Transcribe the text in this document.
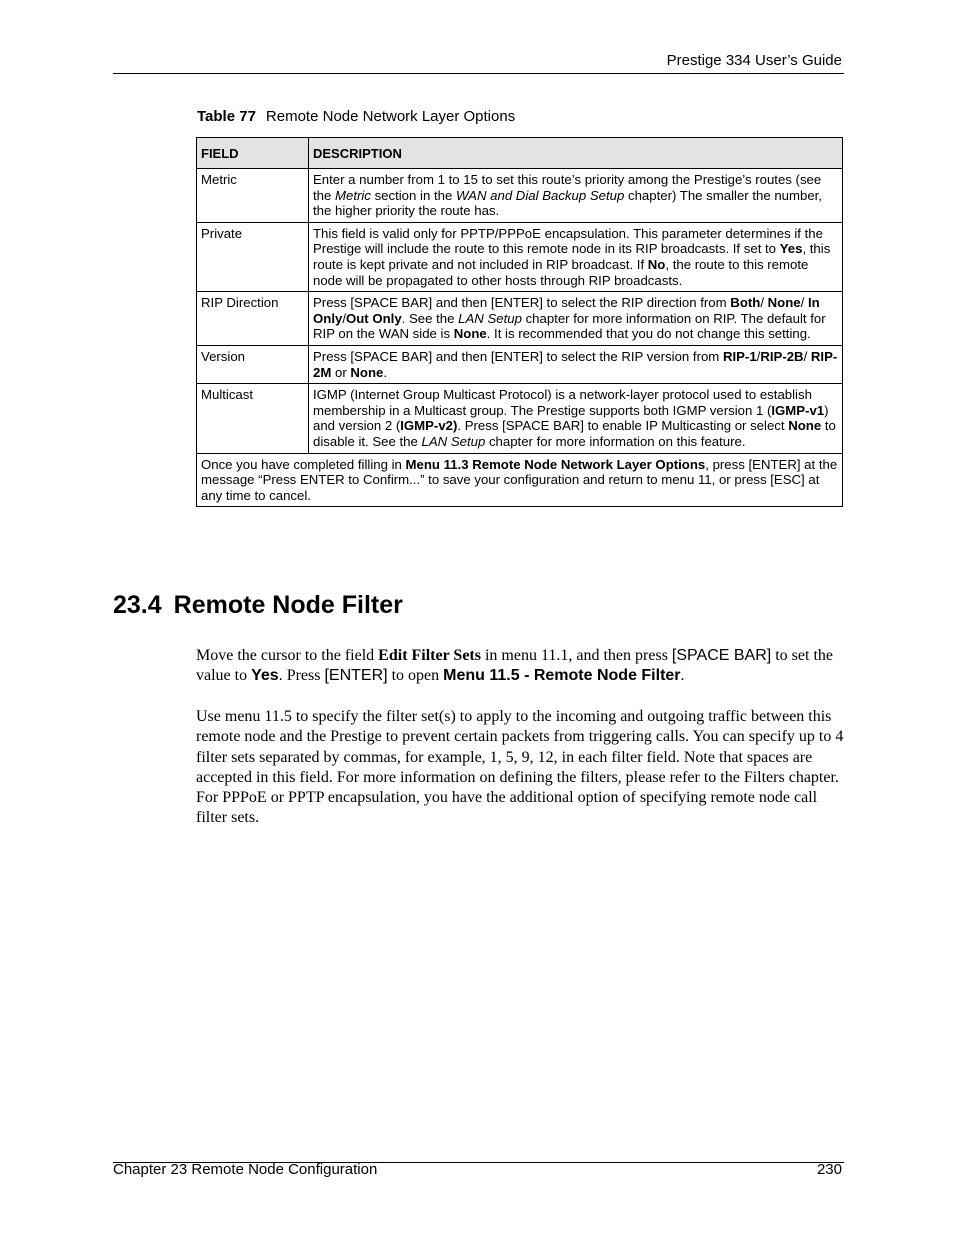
Prestige 334 User’s Guide
Table 77 Remote Node Network Layer Options
FIELD	DESCRIPTION
Metric	Enter a number from 1 to 15 to set this route’s priority among the Prestige’s routes (see the Metric section in the WAN and Dial Backup Setup chapter) The smaller the number, the higher priority the route has.
Private	This field is valid only for PPTP/PPPoE encapsulation. This parameter determines if the Prestige will include the route to this remote node in its RIP broadcasts. If set to Yes, this route is kept private and not included in RIP broadcast. If No, the route to this remote node will be propagated to other hosts through RIP broadcasts.
RIP Direction	Press [SPACE BAR] and then [ENTER] to select the RIP direction from Both/ None/ In Only/Out Only. See the LAN Setup chapter for more information on RIP. The default for RIP on the WAN side is None. It is recommended that you do not change this setting.
Version	Press [SPACE BAR] and then [ENTER] to select the RIP version from RIP-1/RIP-2B/ RIP-2M or None.
Multicast	IGMP (Internet Group Multicast Protocol) is a network-layer protocol used to establish membership in a Multicast group. The Prestige supports both IGMP version 1 (IGMP-v1) and version 2 (IGMP-v2). Press [SPACE BAR] to enable IP Multicasting or select None to disable it. See the LAN Setup chapter for more information on this feature.
Once you have completed filling in Menu 11.3 Remote Node Network Layer Options, press [ENTER] at the message “Press ENTER to Confirm...” to save your configuration and return to menu 11, or press [ESC] at any time to cancel.	
23.4 Remote Node Filter

Move the cursor to the field Edit Filter Sets in menu 11.1, and then press [SPACE BAR] to set the value to Yes. Press [ENTER] to open Menu 11.5 - Remote Node Filter.

Use menu 11.5 to specify the filter set(s) to apply to the incoming and outgoing traffic between this remote node and the Prestige to prevent certain packets from triggering calls. You can specify up to 4 filter sets separated by commas, for example, 1, 5, 9, 12, in each filter field. Note that spaces are accepted in this field. For more information on defining the filters, please refer to the Filters chapter. For PPPoE or PPTP encapsulation, you have the additional option of specifying remote node call filter sets.

Chapter 23 Remote Node Configuration	230
